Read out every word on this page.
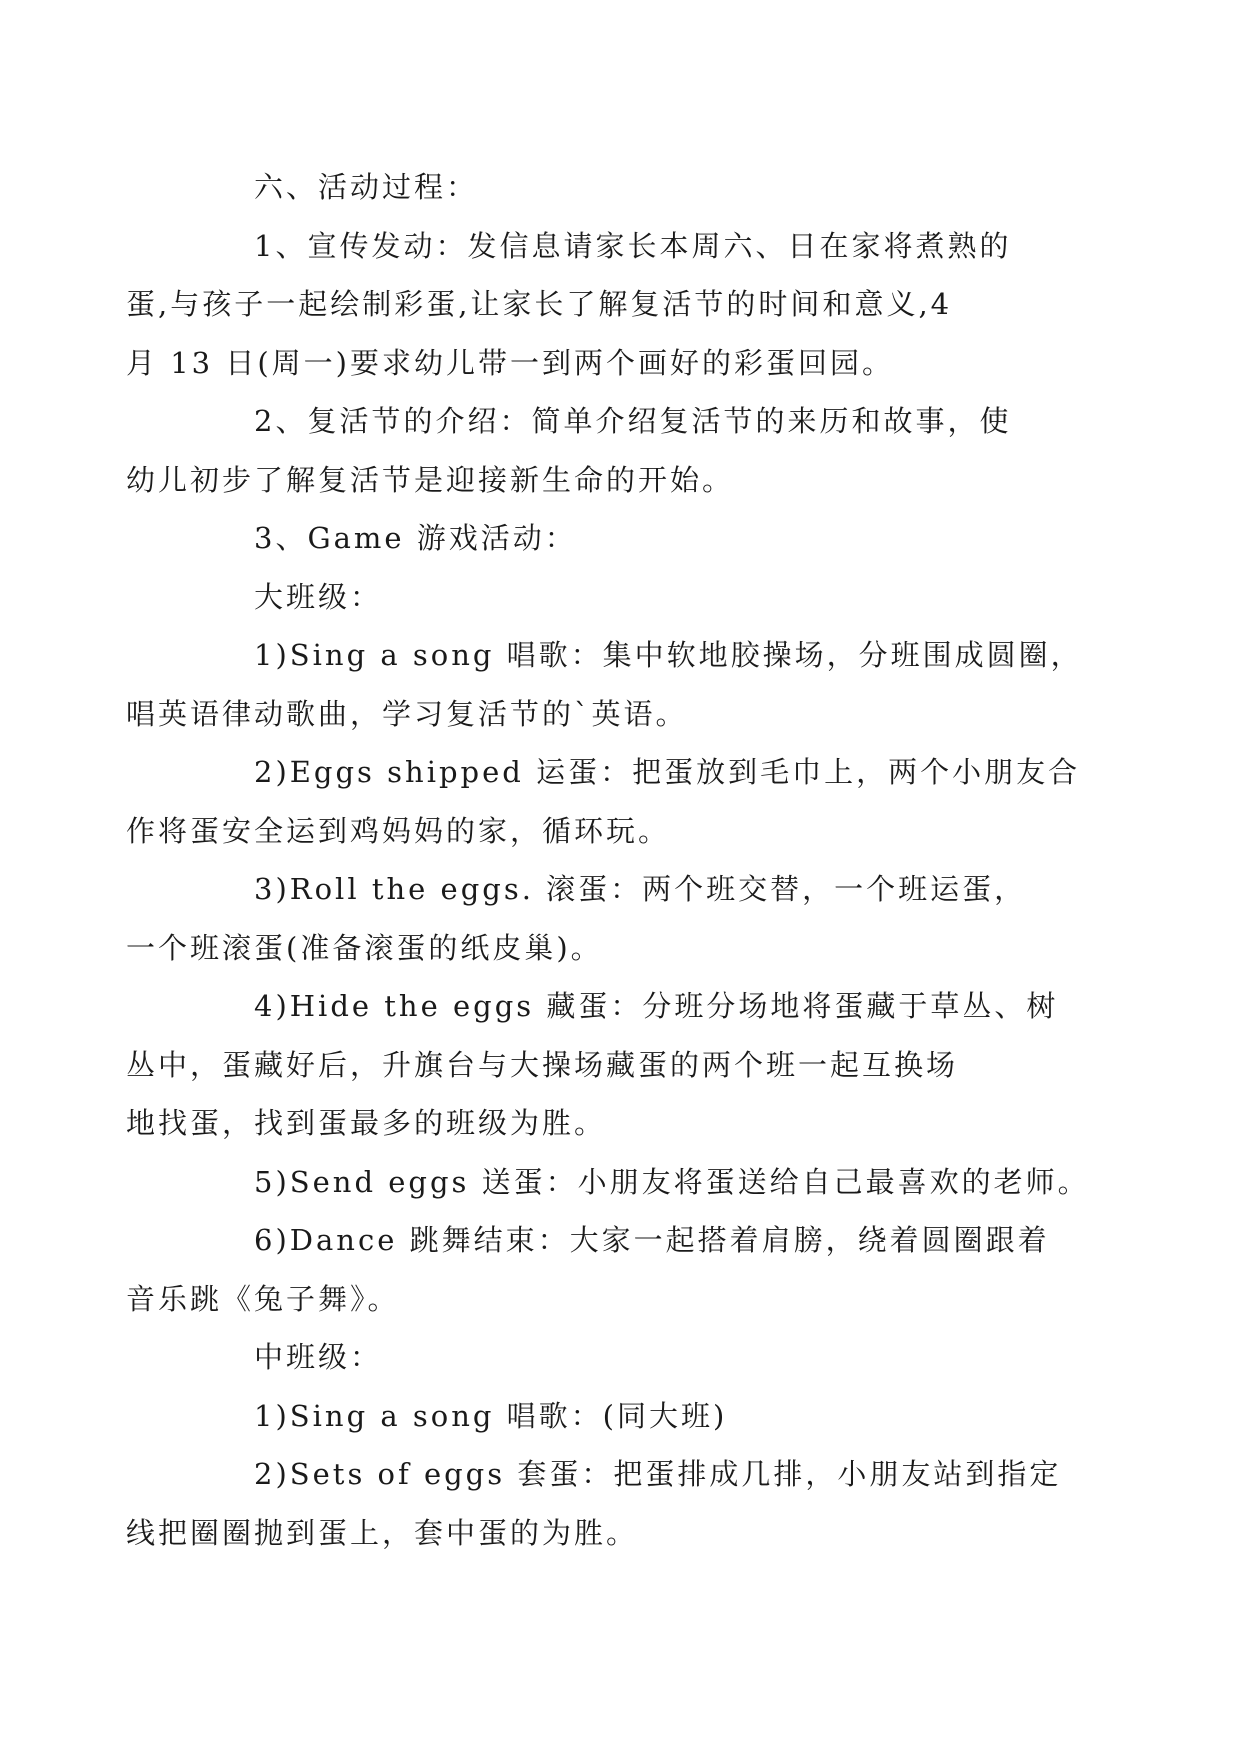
六、活动过程：

1、宣传发动：发信息请家长本周六、日在家将煮熟的
蛋,与孩子一起绘制彩蛋,让家长了解复活节的时间和意义,4
月 13 日(周一)要求幼儿带一到两个画好的彩蛋回园。

2、复活节的介绍：简单介绍复活节的来历和故事，使
幼儿初步了解复活节是迎接新生命的开始。

3、Game 游戏活动：

大班级：

1)Sing a song 唱歌：集中软地胶操场，分班围成圆圈，
唱英语律动歌曲，学习复活节的`英语。

2)Eggs shipped 运蛋：把蛋放到毛巾上，两个小朋友合
作将蛋安全运到鸡妈妈的家，循环玩。

3)Roll the eggs. 滚蛋：两个班交替，一个班运蛋，
一个班滚蛋(准备滚蛋的纸皮巢)。

4)Hide the eggs 藏蛋：分班分场地将蛋藏于草丛、树
丛中，蛋藏好后，升旗台与大操场藏蛋的两个班一起互换场
地找蛋，找到蛋最多的班级为胜。

5)Send eggs 送蛋：小朋友将蛋送给自己最喜欢的老师。

6)Dance 跳舞结束：大家一起搭着肩膀，绕着圆圈跟着
音乐跳《兔子舞》。

中班级：

1)Sing a song 唱歌：(同大班)

2)Sets of eggs 套蛋：把蛋排成几排，小朋友站到指定
线把圈圈抛到蛋上，套中蛋的为胜。
